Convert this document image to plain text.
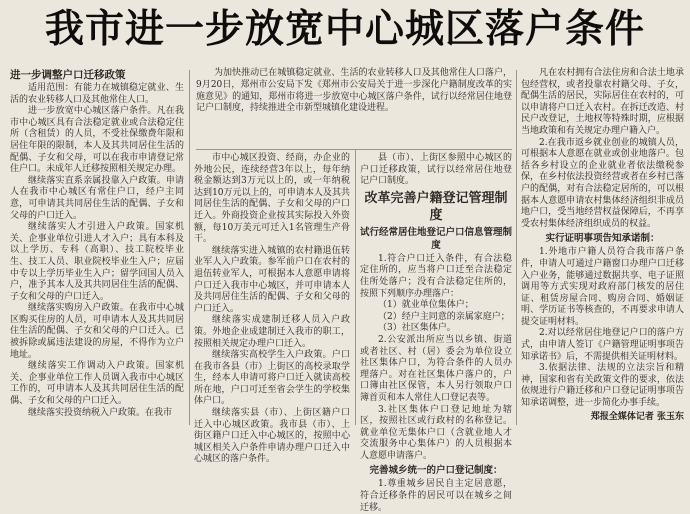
我市进一步放宽中心城区落户条件
进一步调整户口迁移政策

适用范围：有能力在城镇稳定就业、生活的农业转移人口及其他常住人口。

进一步放宽中心城区落户条件。凡在我市中心城区具有合法稳定就业或合法稳定住所（含租赁）的人员，不受社保缴费年限和居住年限的限制，本人及其共同居住生活的配偶、子女和父母，可以在我市申请登记常住户口。未成年人迁移按照相关规定办理。

继续落实直系亲属投靠入户政策。申请人在我市中心城区有常住户口，经户主同意，可申请其共同居住生活的配偶、子女和父母的户口迁入。

继续落实人才引进入户政策。国家机关、企事业单位引进人才入户；具有本科及以上学历、专科（高职）、技工院校毕业生、技工人员、职业院校毕业生入户；应届中专以上学历毕业生入户；留学回国人员入户，准予其本人及其共同居住生活的配偶、子女和父母的户口迁入。

继续落实购房入户政策。在我市中心城区购买住房的人员，可申请本人及其共同居住生活的配偶、子女和父母的户口迁入。已被拆除或属违法建设的房屋，不得作为立户地址。

继续落实工作调动入户政策。国家机关、企事业单位工作人员调入我市中心城区工作的，可申请本人及其共同居住生活的配偶、子女和父母的户口迁入。

继续落实投资纳税入户政策。在我市

为加快推动已在城镇稳定就业、生活的农业转移人口及其他常住人口落户，9月20日，郑州市公安局下发《郑州市公安局关于进一步深化户籍制度改革的实施意见》的通知，郑州市将进一步放宽中心城区落户条件，试行以经常居住地登记户口制度，持续推进全市新型城镇化建设进程。

市中心城区投资、经商，办企业的外地公民，连续经营3年以上，每年纳税金额达到3万元以上的，或一年纳税达到10万元以上的，可申请本人及其共同居住生活的配偶、子女和父母的户口迁入。外商投资企业按其实际投入外资额，每10万美元可迁入1名管理生产骨干。

继续落实进入城镇的农村籍退伍转业军人入户政策。参军前户口在农村的退伍转业军人，可根据本人意愿申请将户口迁入我市中心城区，并可申请本人及共同居住生活的配偶、子女和父母的户口迁入。

继续落实成建制迁移人员入户政策。外地企业成建制迁入我市的职工，按照相关规定办理户口迁入。

继续落实高校学生入户政策。户口在我市各县（市）上街区的高校录取学生，经本人申请可将户口迁入就读高校所在地，户口可迁至省会学生的学校集体户口。

继续落实县（市）、上街区籍户口迁入中心城区政策。我市县（市）、上街区籍户口迁入中心城区的，按照中心城区相关入户条件申请办理户口迁入中心城区的落户条件。

县（市）、上街区参照中心城区的户口迁移政策，试行以经常居住地登记户口制度。

改革完善户籍登记管理制度
试行经常居住地登记户口信息管理制度

1.符合户口迁入条件，有合法稳定住所的，应当将户口迁至合法稳定住所处落户；没有合法稳定住所的，按照下列顺序办理落户：

（1）就业单位集体户；

（2）经户主同意的亲属家庭户；

（3）社区集体户。

2.公安派出所应当以乡镇、街道或者社区、村（居）委会为单位设立社区集体户口，为符合条件的人员办理落户。对在社区集体户落户的，户口簿由社区保管，本人另行领取户口簿首页和本人常住人口登记表等。

3.社区集体户口登记地址为辖区，按照社区或行政村的名称登记。就业单位无集体户口（含就业地人才交流服务中心集体户）的人员根据本人意愿申请落户。

完善城乡统一的户口登记制度：

1.尊重城乡居民自主定居意愿，符合迁移条件的居民可以在城乡之间迁移。

凡在农村拥有合法住房和合法土地承包经营权，或者投靠农村籍父母、子女，配偶生活的居民，实际居住在农村的，可以申请将户口迁入农村。在拆迁改造、村民户改登记，土地权等特殊时期，应根据当地政策和有关规定办理户籍入户。

2.在我市返乡就业创业的城镇人员，可根据本人意愿在就业或创业地落户。包括各乡村设立的企业就业者依法缴税参保，在乡村依法投资经营或者在乡村已落户的配偶，对有合法稳定居所的，可以根据本人意愿申请农村集体经济组织非成员地户口，受当地经营权益保障后，不再享受农村集体经济组织成员的权益。

实行证明事项告知承诺制：

1.外地市户籍人员符合我市落户条件，申请人可通过户籍窗口办理户口迁移入户业务，能够通过数据共享、电子证照调用等方式实现对政府部门核发的居住证、租赁房屋合同、购房合同、婚姻证明、学历证书等核查的，不再要求申请人提交证明材料。

2.对以经常居住地登记户口的落户方式，由申请人签订《户籍管理证明事项告知承诺书》后，不需提供相关证明材料。

3.依据法律、法规的立法宗旨和精神，国家和省有关政策文件的要求，依法依规进行户籍迁移和户口登记证明事项告知承诺调整，进一步简化办事手续。

郑报全媒体记者 张玉东
